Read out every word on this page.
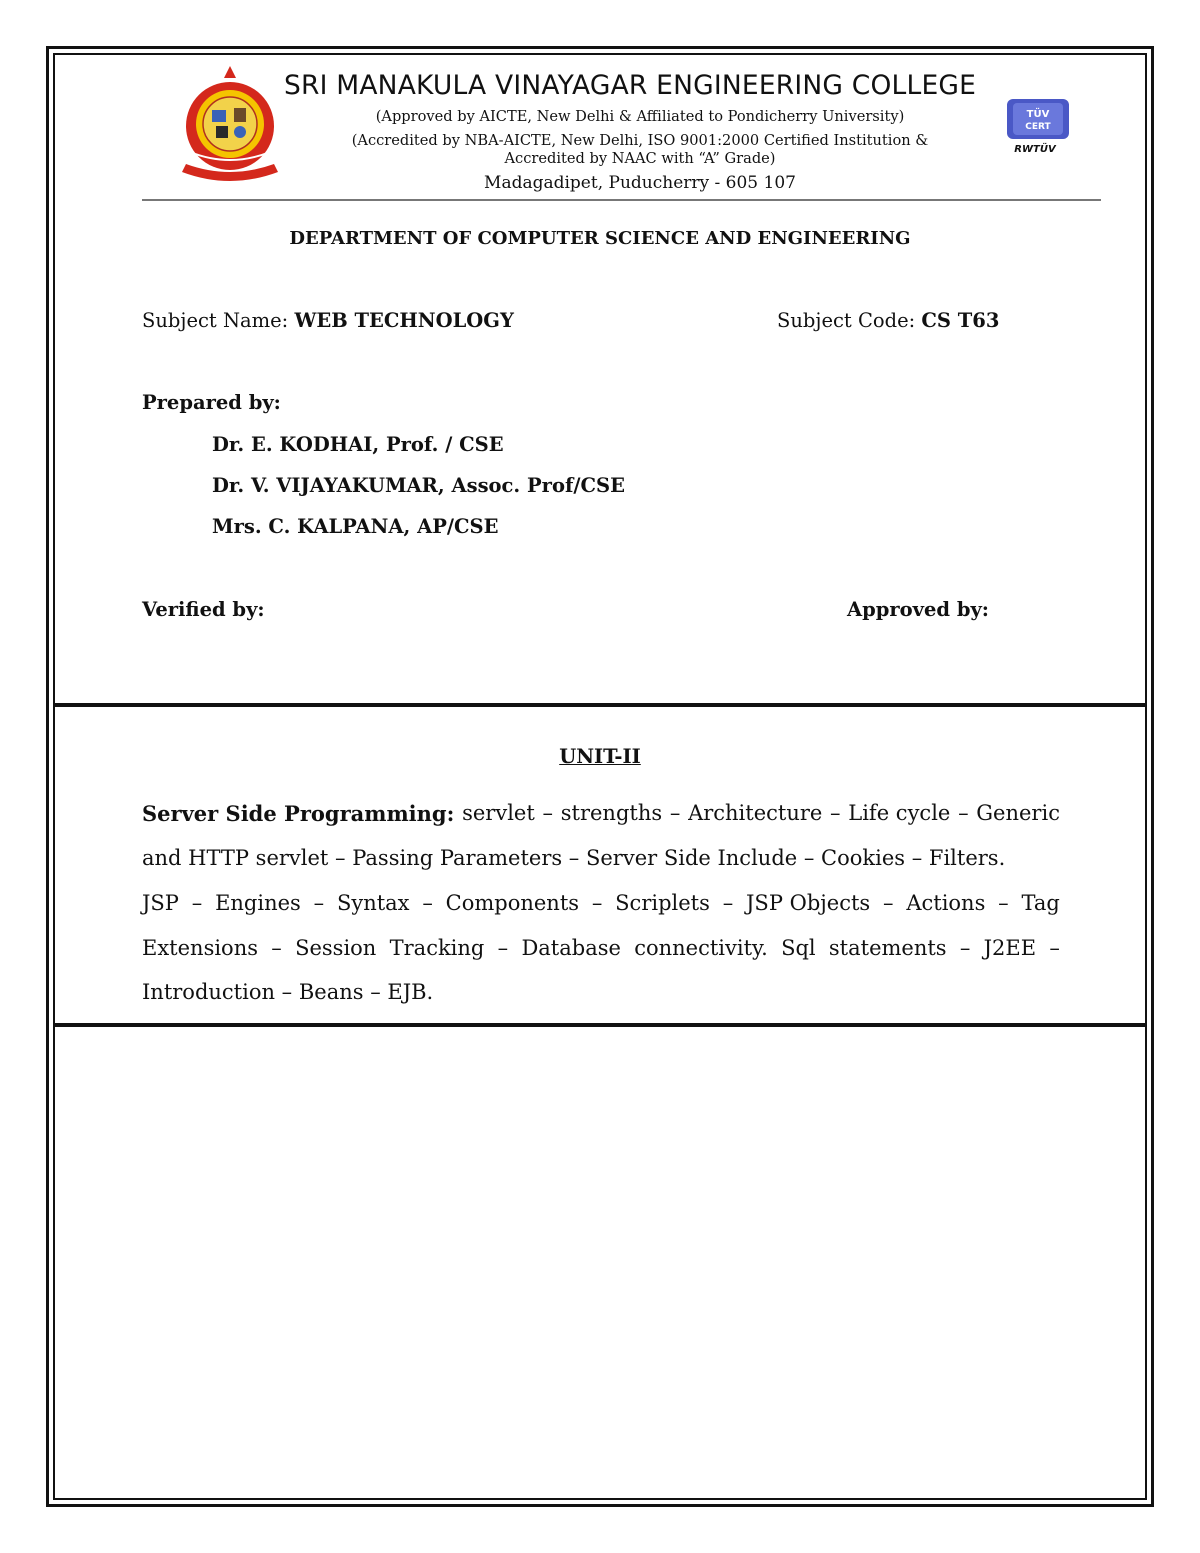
SRI MANAKULA VINAYAGAR ENGINEERING COLLEGE
(Approved by AICTE, New Delhi & Affiliated to Pondicherry University)
(Accredited by NBA-AICTE, New Delhi, ISO 9001:2000 Certified Institution &
Accredited by NAAC with “A” Grade)
Madagadipet, Puducherry - 605 107
TÜV
CERT
RWTÜV
DEPARTMENT OF COMPUTER SCIENCE AND ENGINEERING
Subject Name: WEB TECHNOLOGY	Subject Code: CS T63
Prepared by:
Dr. E. KODHAI, Prof. / CSE
Dr. V. VIJAYAKUMAR, Assoc. Prof/CSE
Mrs. C. KALPANA, AP/CSE
Verified by:	Approved by:
UNIT-II
Server Side Programming: servlet – strengths – Architecture – Life cycle – Generic
and HTTP servlet – Passing Parameters – Server Side Include – Cookies – Filters.
JSP – Engines – Syntax – Components – Scriplets – JSP Objects – Actions – Tag
Extensions – Session Tracking – Database connectivity. Sql statements – J2EE –
Introduction – Beans – EJB.
